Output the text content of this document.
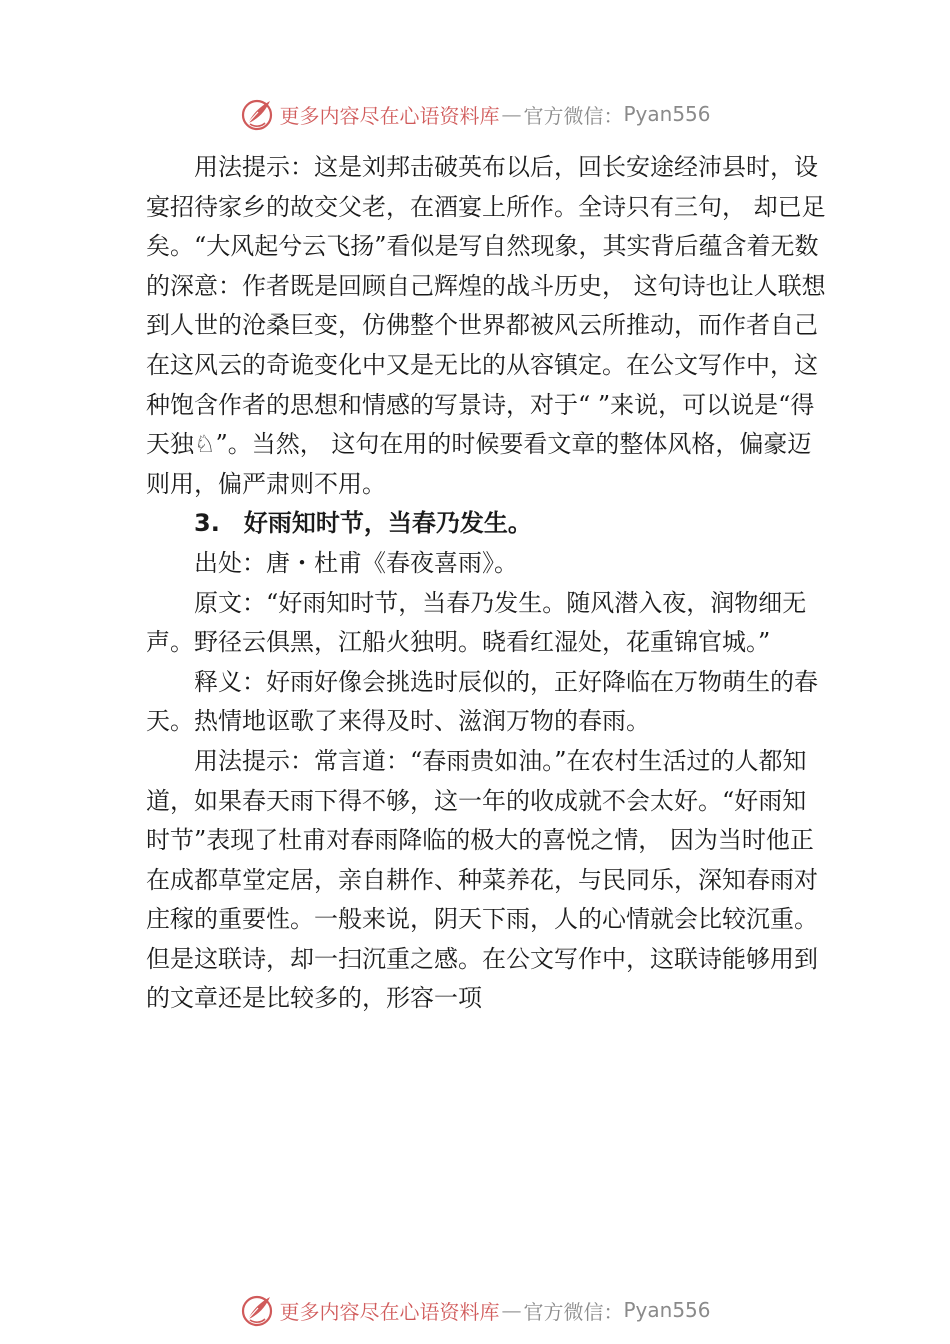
更多内容尽在心语资料库 — 官方微信： Pyan556

用法提示：这是刘邦击破英布以后，回长安途经沛县时，设宴招待家乡的故交父老，在酒宴上所作。全诗只有三句， 却已足矣。“大风起兮云飞扬”看似是写自然现象，其实背后蕴含着无数的深意：作者既是回顾自己辉煌的战斗历史， 这句诗也让人联想到人世的沧桑巨变，仿佛整个世界都被风云所推动，而作者自己在这风云的奇诡变化中又是无比的从容镇定。在公文写作中，这种饱含作者的思想和情感的写景诗，对于“ ”来说，可以说是“得天独♘”。当然， 这句在用的时候要看文章的整体风格，偏豪迈则用，偏严肃则不用。

3. 好雨知时节，当春乃发生。

出处：唐・杜甫《春夜喜雨》。

原文：“好雨知时节，当春乃发生。随风潜入夜，润物细无声。野径云俱黑，江船火独明。晓看红湿处，花重锦官城。”

释义：好雨好像会挑选时辰似的，正好降临在万物萌生的春天。热情地讴歌了来得及时、滋润万物的春雨。

用法提示：常言道：“春雨贵如油。”在农村生活过的人都知道，如果春天雨下得不够，这一年的收成就不会太好。“好雨知时节”表现了杜甫对春雨降临的极大的喜悦之情， 因为当时他正在成都草堂定居，亲自耕作、种菜养花，与民同乐，深知春雨对庄稼的重要性。一般来说，阴天下雨，人的心情就会比较沉重。但是这联诗，却一扫沉重之感。在公文写作中，这联诗能够用到的文章还是比较多的，形容一项

更多内容尽在心语资料库 — 官方微信： Pyan556
